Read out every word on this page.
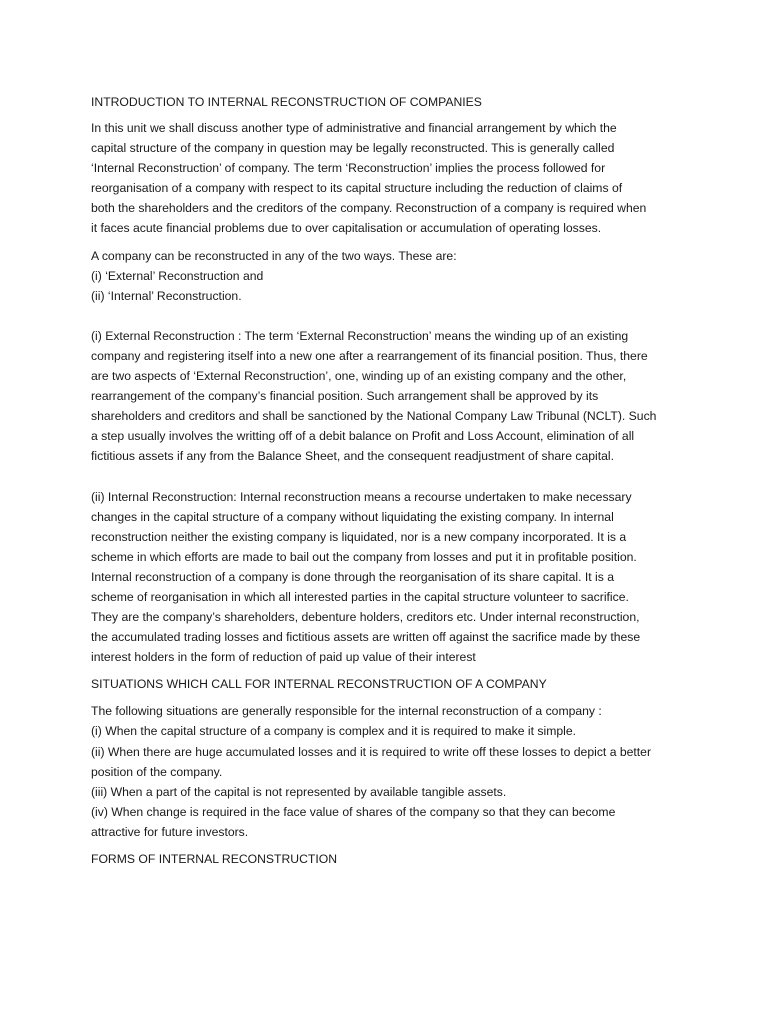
INTRODUCTION TO INTERNAL RECONSTRUCTION OF COMPANIES
In this unit we shall discuss another type of administrative and financial arrangement by which the
capital structure of the company in question may be legally reconstructed. This is generally called
‘Internal Reconstruction’ of company. The term ‘Reconstruction’ implies the process followed for
reorganisation of a company with respect to its capital structure including the reduction of claims of
both the shareholders and the creditors of the company. Reconstruction of a company is required when
it faces acute financial problems due to over capitalisation or accumulation of operating losses.
A company can be reconstructed in any of the two ways. These are:
(i) ‘External’ Reconstruction and
(ii) ‘Internal’ Reconstruction.
(i) External Reconstruction : The term ‘External Reconstruction’ means the winding up of an existing
company and registering itself into a new one after a rearrangement of its financial position. Thus, there
are two aspects of ‘External Reconstruction’, one, winding up of an existing company and the other,
rearrangement of the company’s financial position. Such arrangement shall be approved by its
shareholders and creditors and shall be sanctioned by the National Company Law Tribunal (NCLT). Such
a step usually involves the writting off of a debit balance on Profit and Loss Account, elimination of all
fictitious assets if any from the Balance Sheet, and the consequent readjustment of share capital.
(ii) Internal Reconstruction: Internal reconstruction means a recourse undertaken to make necessary
changes in the capital structure of a company without liquidating the existing company. In internal
reconstruction neither the existing company is liquidated, nor is a new company incorporated. It is a
scheme in which efforts are made to bail out the company from losses and put it in profitable position.
Internal reconstruction of a company is done through the reorganisation of its share capital. It is a
scheme of reorganisation in which all interested parties in the capital structure volunteer to sacrifice.
They are the company’s shareholders, debenture holders, creditors etc. Under internal reconstruction,
the accumulated trading losses and fictitious assets are written off against the sacrifice made by these
interest holders in the form of reduction of paid up value of their interest
SITUATIONS WHICH CALL FOR INTERNAL RECONSTRUCTION OF A COMPANY
The following situations are generally responsible for the internal reconstruction of a company :
(i) When the capital structure of a company is complex and it is required to make it simple.
(ii) When there are huge accumulated losses and it is required to write off these losses to depict a better
position of the company.
(iii) When a part of the capital is not represented by available tangible assets.
(iv) When change is required in the face value of shares of the company so that they can become
attractive for future investors.
FORMS OF INTERNAL RECONSTRUCTION
